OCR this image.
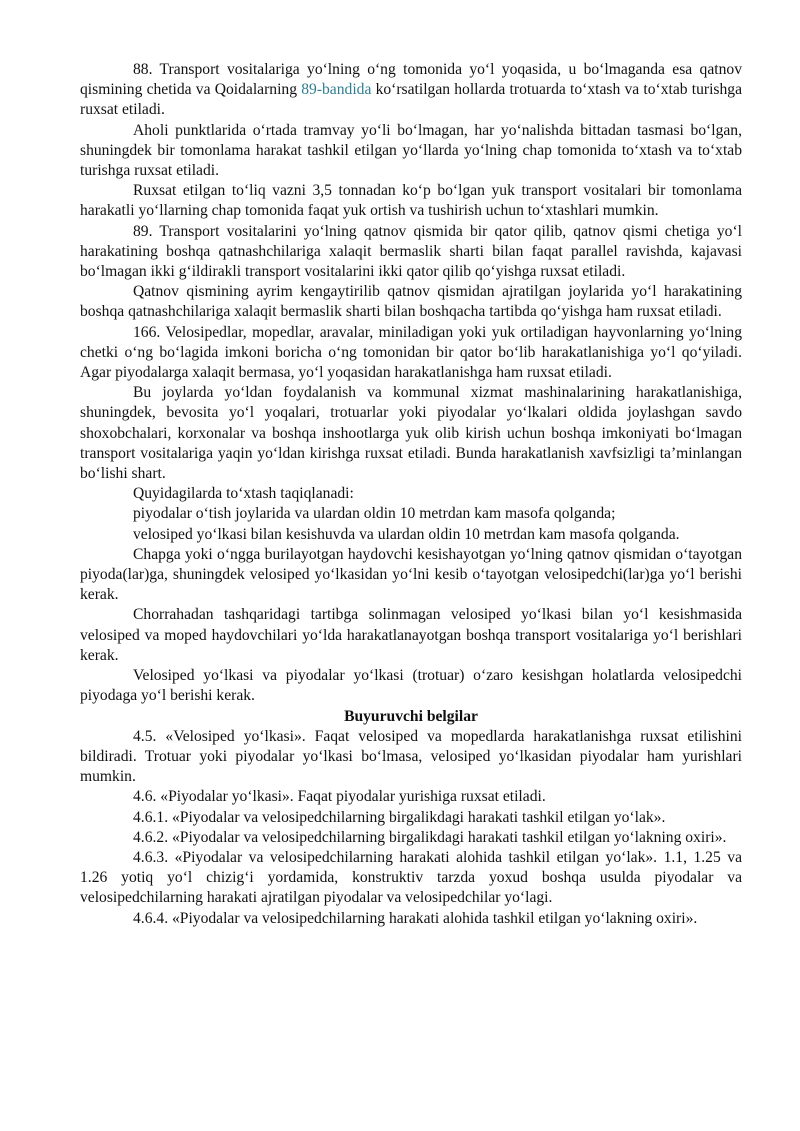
88. Transport vositalariga yoʻlning oʻng tomonida yoʻl yoqasida, u boʻlmaganda esa qatnov qismining chetida va Qoidalarning 89-bandida koʻrsatilgan hollarda trotuarda toʻxtash va toʻxtab turishga ruxsat etiladi.

Aholi punktlarida oʻrtada tramvay yoʻli boʻlmagan, har yoʻnalishda bittadan tasmasi boʻlgan, shuningdek bir tomonlama harakat tashkil etilgan yoʻllarda yoʻlning chap tomonida toʻxtash va toʻxtab turishga ruxsat etiladi.

Ruxsat etilgan toʻliq vazni 3,5 tonnadan koʻp boʻlgan yuk transport vositalari bir tomonlama harakatli yoʻllarning chap tomonida faqat yuk ortish va tushirish uchun toʻxtashlari mumkin.

89. Transport vositalarini yoʻlning qatnov qismida bir qator qilib, qatnov qismi chetiga yoʻl harakatining boshqa qatnashchilariga xalaqit bermaslik sharti bilan faqat parallel ravishda, kajavasi boʻlmagan ikki gʻildirakli transport vositalarini ikki qator qilib qoʻyishga ruxsat etiladi.

Qatnov qismining ayrim kengaytirilib qatnov qismidan ajratilgan joylarida yoʻl harakatining boshqa qatnashchilariga xalaqit bermaslik sharti bilan boshqacha tartibda qoʻyishga ham ruxsat etiladi.

166. Velosipedlar, mopedlar, aravalar, miniladigan yoki yuk ortiladigan hayvonlarning yoʻlning chetki oʻng boʻlagida imkoni boricha oʻng tomonidan bir qator boʻlib harakatlanishiga yoʻl qoʻyiladi. Agar piyodalarga xalaqit bermasa, yoʻl yoqasidan harakatlanishga ham ruxsat etiladi.

Bu joylarda yoʻldan foydalanish va kommunal xizmat mashinalarining harakatlanishiga, shuningdek, bevosita yoʻl yoqalari, trotuarlar yoki piyodalar yoʻlkalari oldida joylashgan savdo shoxobchalari, korxonalar va boshqa inshootlarga yuk olib kirish uchun boshqa imkoniyati boʻlmagan transport vositalariga yaqin yoʻldan kirishga ruxsat etiladi. Bunda harakatlanish xavfsizligi taʼminlangan boʻlishi shart.

Quyidagilarda toʻxtash taqiqlanadi:

piyodalar oʻtish joylarida va ulardan oldin 10 metrdan kam masofa qolganda;

velosiped yoʻlkasi bilan kesishuvda va ulardan oldin 10 metrdan kam masofa qolganda.

Chapga yoki oʻngga burilayotgan haydovchi kesishayotgan yoʻlning qatnov qismidan oʻtayotgan piyoda(lar)ga, shuningdek velosiped yoʻlkasidan yoʻlni kesib oʻtayotgan velosipedchi(lar)ga yoʻl berishi kerak.

Chorrahadan tashqaridagi tartibga solinmagan velosiped yoʻlkasi bilan yoʻl kesishmasida velosiped va moped haydovchilari yoʻlda harakatlanayotgan boshqa transport vositalariga yoʻl berishlari kerak.

Velosiped yoʻlkasi va piyodalar yoʻlkasi (trotuar) oʻzaro kesishgan holatlarda velosipedchi piyodaga yoʻl berishi kerak.

Buyuruvchi belgilar

4.5. «Velosiped yoʻlkasi». Faqat velosiped va mopedlarda harakatlanishga ruxsat etilishini bildiradi. Trotuar yoki piyodalar yoʻlkasi boʻlmasa, velosiped yoʻlkasidan piyodalar ham yurishlari mumkin.

4.6. «Piyodalar yoʻlkasi». Faqat piyodalar yurishiga ruxsat etiladi.

4.6.1. «Piyodalar va velosipedchilarning birgalikdagi harakati tashkil etilgan yoʻlak».

4.6.2. «Piyodalar va velosipedchilarning birgalikdagi harakati tashkil etilgan yoʻlakning oxiri».

4.6.3. «Piyodalar va velosipedchilarning harakati alohida tashkil etilgan yoʻlak». 1.1, 1.25 va 1.26 yotiq yoʻl chizigʻi yordamida, konstruktiv tarzda yoxud boshqa usulda piyodalar va velosipedchilarning harakati ajratilgan piyodalar va velosipedchilar yoʻlagi.

4.6.4. «Piyodalar va velosipedchilarning harakati alohida tashkil etilgan yoʻlakning oxiri».
